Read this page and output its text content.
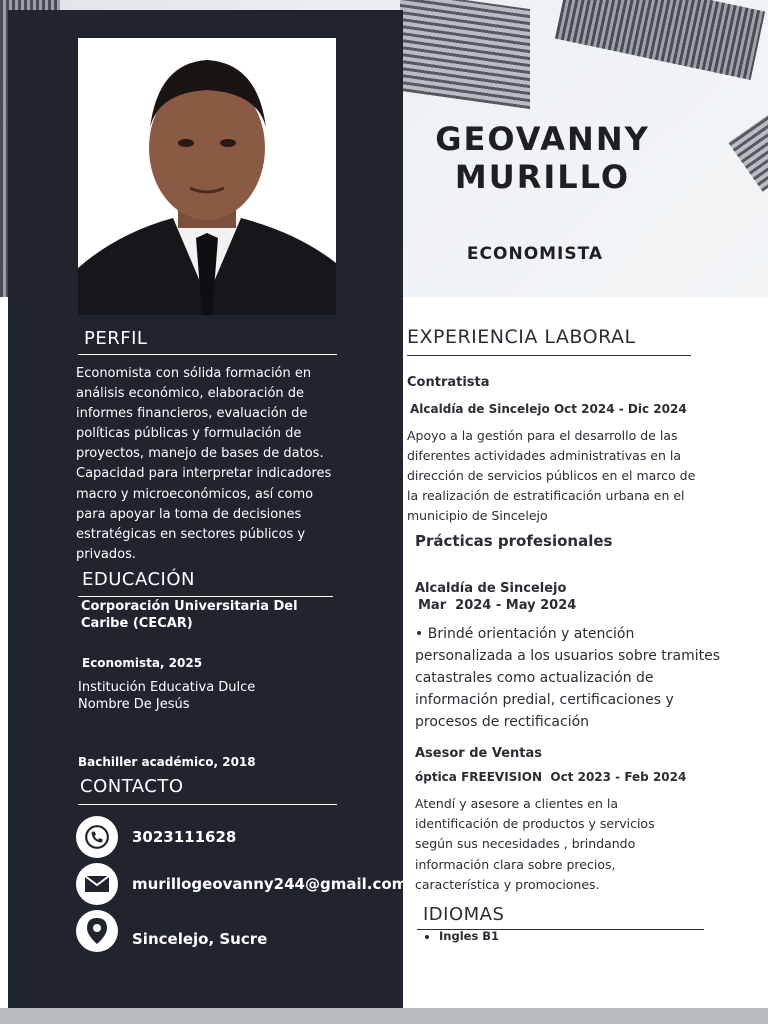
GEOVANNY
MURILLO
ECONOMISTA
PERFIL
Economista con sólida formación en análisis económico, elaboración de informes financieros, evaluación de políticas públicas y formulación de proyectos, manejo de bases de datos. Capacidad para interpretar indicadores macro y microeconómicos, así como para apoyar la toma de decisiones estratégicas en sectores públicos y privados.
EDUCACIÓN
Corporación Universitaria Del Caribe (CECAR)
Economista, 2025
Institución Educativa Dulce Nombre De Jesús
Bachiller académico, 2018
CONTACTO
3023111628
murillogeovanny244@gmail.com
Sincelejo, Sucre
EXPERIENCIA LABORAL
Contratista
Alcaldía de Sincelejo Oct 2024 - Dic 2024
Apoyo a la gestión para el desarrollo de las diferentes actividades administrativas en la dirección de servicios públicos en el marco de la realización de estratificación urbana en el municipio de Sincelejo
Prácticas profesionales
Alcaldía de Sincelejo
Mar  2024 - May 2024
• Brindé orientación y atención personalizada a los usuarios sobre tramites catastrales como actualización de información predial, certificaciones y procesos de rectificación
Asesor de Ventas
óptica FREEVISION  Oct 2023 - Feb 2024
Atendí y asesore a clientes en la identificación de productos y servicios según sus necesidades , brindando información clara sobre precios, característica y promociones.
IDIOMAS
• Ingles B1
